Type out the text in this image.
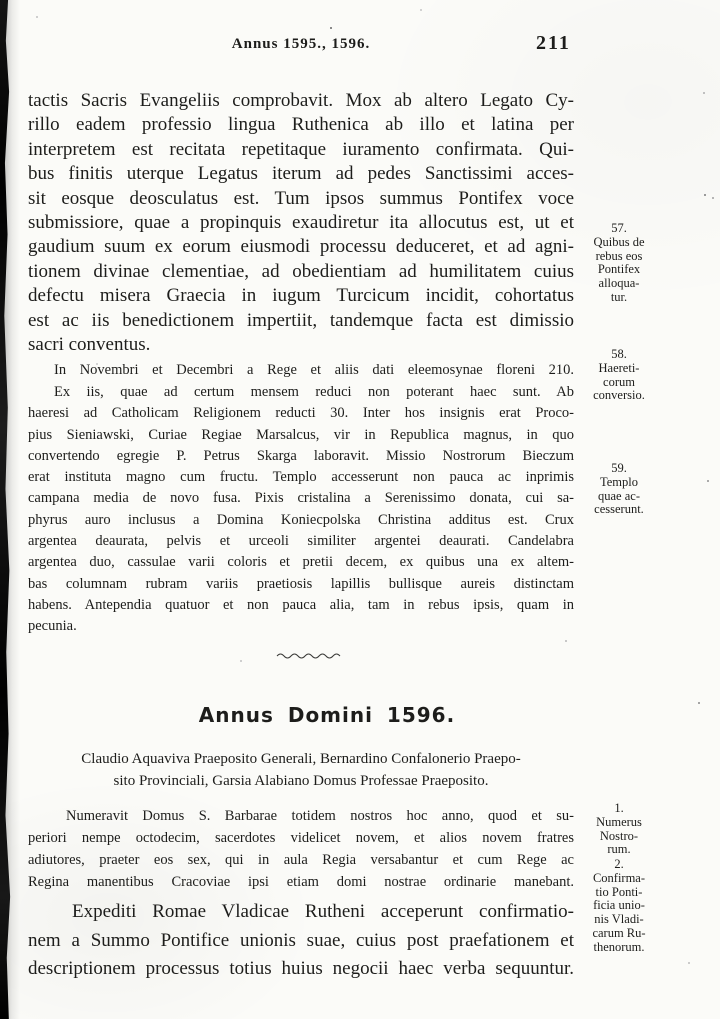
Annus 1595., 1596.	211
tactis Sacris Evangeliis comprobavit. Mox ab altero Legato Cy-
rillo eadem professio lingua Ruthenica ab illo et latina per
interpretem est recitata repetitaque iuramento confirmata. Qui-
bus finitis uterque Legatus iterum ad pedes Sanctissimi acces-
sit eosque deosculatus est. Tum ipsos summus Pontifex voce
submissiore, quae a propinquis exaudiretur ita allocutus est, ut et
gaudium suum ex eorum eiusmodi processu deduceret, et ad agni-
tionem divinae clementiae, ad obedientiam ad humilitatem cuius
defectu misera Graecia in iugum Turcicum incidit, cohortatus
est ac iis benedictionem impertiit, tandemque facta est dimissio
sacri conventus.
In Novembri et Decembri a Rege et aliis dati eleemosynae floreni 210.
Ex iis, quae ad certum mensem reduci non poterant haec sunt. Ab
haeresi ad Catholicam Religionem reducti 30. Inter hos insignis erat Proco-
pius Sieniawski, Curiae Regiae Marsalcus, vir in Republica magnus, in quo
convertendo egregie P. Petrus Skarga laboravit. Missio Nostrorum Bieczum
erat instituta magno cum fructu. Templo accesserunt non pauca ac inprimis
campana media de novo fusa. Pixis cristalina a Serenissimo donata, cui sa-
phyrus auro inclusus a Domina Koniecpolska Christina additus est. Crux
argentea deaurata, pelvis et urceoli similiter argentei deaurati. Candelabra
argentea duo, cassulae varii coloris et pretii decem, ex quibus una ex altem-
bas columnam rubram variis praetiosis lapillis bullisque aureis distinctam
habens. Antependia quatuor et non pauca alia, tam in rebus ipsis, quam in
pecunia.
Annus Domini 1596.
Claudio Aquaviva Praeposito Generali, Bernardino Confalonerio Praepo-
sito Provinciali, Garsia Alabiano Domus Professae Praeposito.
Numeravit Domus S. Barbarae totidem nostros hoc anno, quod et su-
periori nempe octodecim, sacerdotes videlicet novem, et alios novem fratres
adiutores, praeter eos sex, qui in aula Regia versabantur et cum Rege ac
Regina manentibus Cracoviae ipsi etiam domi nostrae ordinarie manebant.
Expediti Romae Vladicae Rutheni acceperunt confirmatio-
nem a Summo Pontifice unionis suae, cuius post praefationem et
descriptionem processus totius huius negocii haec verba sequuntur.
57.
Quibus de
rebus eos
Pontifex
alloqua-
tur.
58.
Haereti-
corum
conversio.
59.
Templo
quae ac-
cesserunt.
1.
Numerus
Nostro-
rum.
2.
Confirma-
tio Ponti-
ficia unio-
nis Vladi-
carum Ru-
thenorum.
